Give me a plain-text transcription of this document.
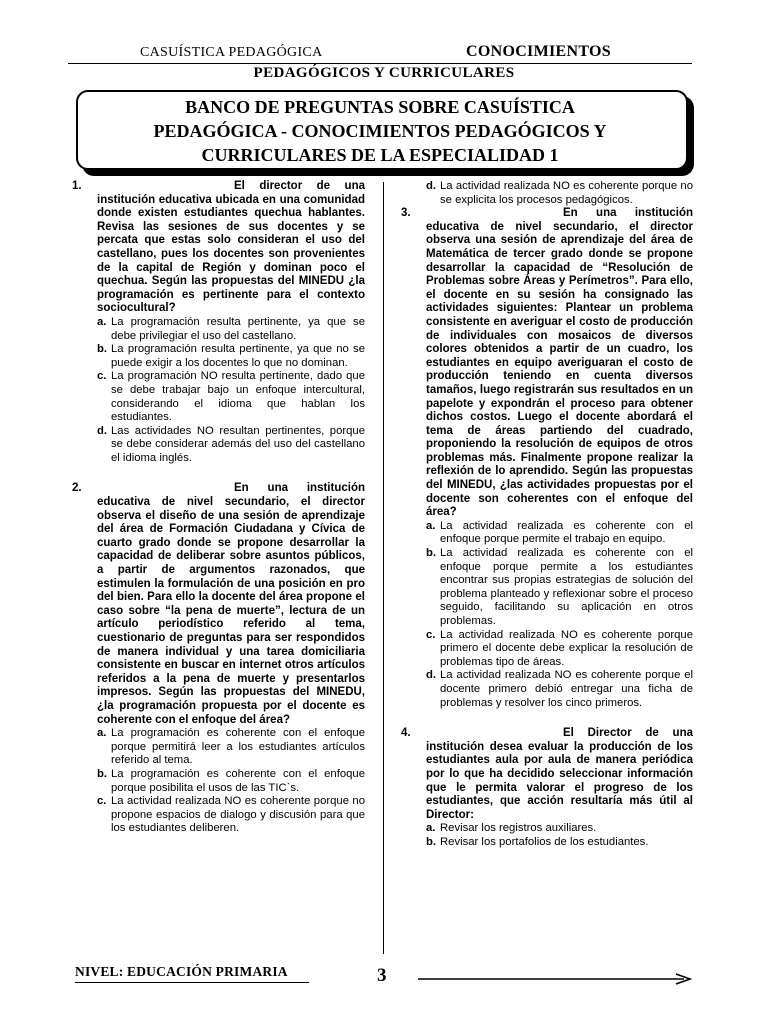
CASUÍSTICA PEDAGÓGICA	CONOCIMIENTOS
PEDAGÓGICOS Y CURRICULARES
BANCO DE PREGUNTAS SOBRE CASUÍSTICA
PEDAGÓGICA - CONOCIMIENTOS PEDAGÓGICOS Y
CURRICULARES DE LA ESPECIALIDAD 1
1.	El director de una institución educativa ubicada en una comunidad donde existen estudiantes quechua hablantes. Revisa las sesiones de sus docentes y se percata que estas solo consideran el uso del castellano, pues los docentes son provenientes de la capital de Región y dominan poco el quechua. Según las propuestas del MINEDU ¿la programación es pertinente para el contexto sociocultural?

a. La programación resulta pertinente, ya que se debe privilegiar el uso del castellano.
b. La programación resulta pertinente, ya que no se puede exigir a los docentes lo que no dominan.
c. La programación NO resulta pertinente, dado que se debe trabajar bajo un enfoque intercultural, considerando el idioma que hablan los estudiantes.
d. Las actividades NO resultan pertinentes, porque se debe considerar además del uso del castellano el idioma inglés.
2.	En una institución educativa de nivel secundario, el director observa el diseño de una sesión de aprendizaje del área de Formación Ciudadana y Cívica de cuarto grado donde se propone desarrollar la capacidad de deliberar sobre asuntos públicos, a partir de argumentos razonados, que estimulen la formulación de una posición en pro del bien. Para ello la docente del área propone el caso sobre “la pena de muerte”, lectura de un artículo periodístico referido al tema, cuestionario de preguntas para ser respondidos de manera individual y una tarea domiciliaria consistente en buscar en internet otros artículos referidos a la pena de muerte y presentarlos impresos. Según las propuestas del MINEDU, ¿la programación propuesta por el docente es coherente con el enfoque del área?

a. La programación es coherente con el enfoque porque permitirá leer a los estudiantes artículos referido al tema.
b. La programación es coherente con el enfoque porque posibilita el usos de las TIC`s.
c. La actividad realizada NO es coherente porque no propone espacios de dialogo y discusión para que los estudiantes deliberen.
d. La actividad realizada NO es coherente porque no se explicita los procesos pedagógicos.
3.	En una institución educativa de nivel secundario, el director observa una sesión de aprendizaje del área de Matemática de tercer grado donde se propone desarrollar la capacidad de “Resolución de Problemas sobre Áreas y Perímetros”. Para ello, el docente en su sesión ha consignado las actividades siguientes: Plantear un problema consistente en averiguar el costo de producción de individuales con mosaicos de diversos colores obtenidos a partir de un cuadro, los estudiantes en equipo averiguaran el costo de producción teniendo en cuenta diversos tamaños, luego registrarán sus resultados en un papelote y expondrán el proceso para obtener dichos costos. Luego el docente abordará el tema de áreas partiendo del cuadrado, proponiendo la resolución de equipos de otros problemas más. Finalmente propone realizar la reflexión de lo aprendido. Según las propuestas del MINEDU, ¿las actividades propuestas por el docente son coherentes con el enfoque del área?

a. La actividad realizada es coherente con el enfoque porque permite el trabajo en equipo.
b. La actividad realizada es coherente con el enfoque porque permite a los estudiantes encontrar sus propias estrategias de solución del problema planteado y reflexionar sobre el proceso seguido, facilitando su aplicación en otros problemas.
c. La actividad realizada NO es coherente porque primero el docente debe explicar la resolución de problemas tipo de áreas.
d. La actividad realizada NO es coherente porque el docente primero debió entregar una ficha de problemas y resolver los cinco primeros.
4.	El Director de una institución desea evaluar la producción de los estudiantes aula por aula de manera periódica por lo que ha decidido seleccionar información que le permita valorar el progreso de los estudiantes, que acción resultaría más útil al Director:

a. Revisar los registros auxiliares.
b. Revisar los portafolios de los estudiantes.
NIVEL: EDUCACIÓN PRIMARIA	3
